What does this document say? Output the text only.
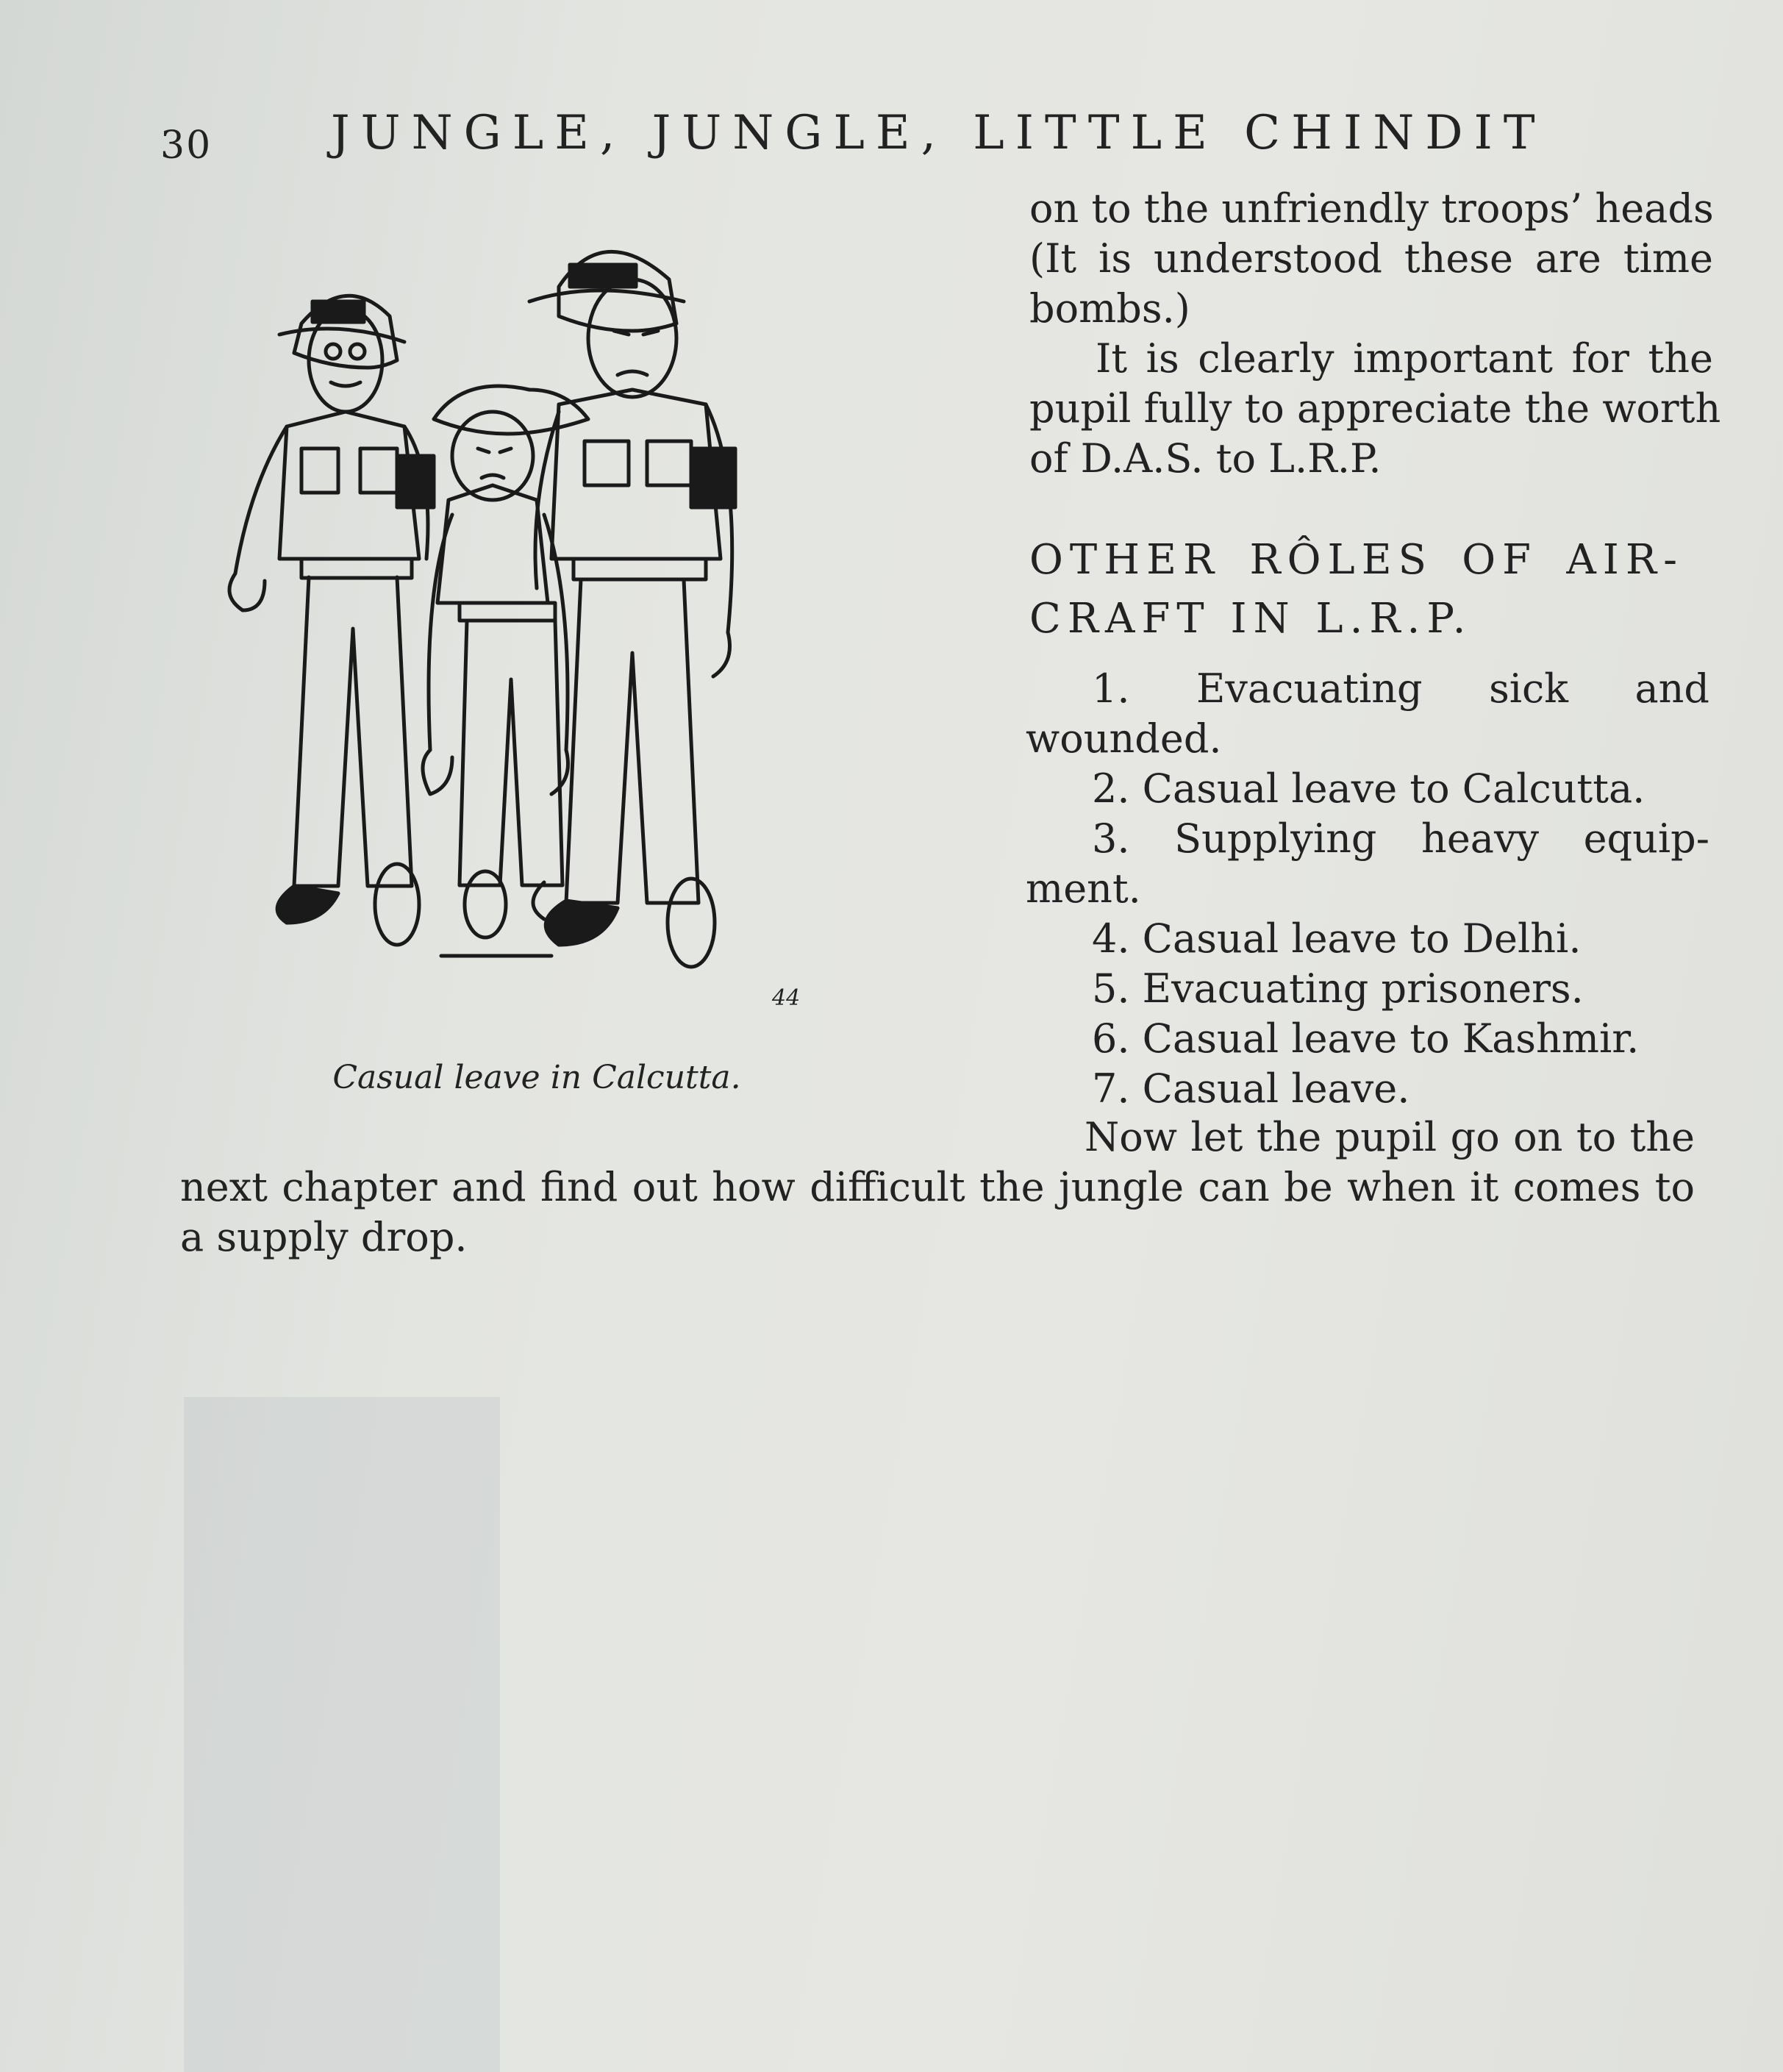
30	JUNGLE, JUNGLE, LITTLE CHINDIT
44
Casual leave in Calcutta.
on to the unfriendly troops’ heads
(It is understood these are time
bombs.)
It is clearly important for the
pupil fully to appreciate the worth
of D.A.S. to L.R.P.
OTHER RÔLES OF AIR-
CRAFT IN L.R.P.
1. Evacuating sick and
wounded.
2. Casual leave to Calcutta.
3. Supplying heavy equip-
ment.
4. Casual leave to Delhi.
5. Evacuating prisoners.
6. Casual leave to Kashmir.
7. Casual leave.
Now let the pupil go on to the
next chapter and find out how difficult the jungle can be when it comes to
a supply drop.
